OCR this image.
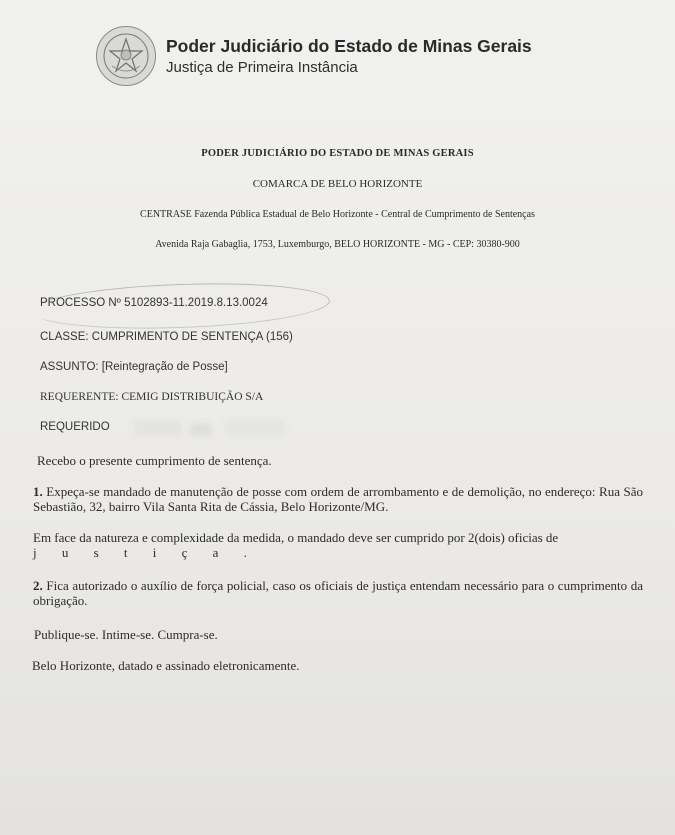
Poder Judiciário do Estado de Minas Gerais
Justiça de Primeira Instância
PODER JUDICIÁRIO DO ESTADO DE MINAS GERAIS
COMARCA DE BELO HORIZONTE
CENTRASE Fazenda Pública Estadual de Belo Horizonte - Central de Cumprimento de Sentenças
Avenida Raja Gabaglia, 1753, Luxemburgo, BELO HORIZONTE - MG - CEP: 30380-900
PROCESSO Nº 5102893-11.2019.8.13.0024
CLASSE: CUMPRIMENTO DE SENTENÇA (156)
ASSUNTO: [Reintegração de Posse]
REQUERENTE: CEMIG DISTRIBUIÇÃO S/A
REQUERIDO
Recebo o presente cumprimento de sentença.
1. Expeça-se mandado de manutenção de posse com ordem de arrombamento e de demolição, no endereço: Rua São Sebastião, 32, bairro Vila Santa Rita de Cássia, Belo Horizonte/MG.
Em face da natureza e complexidade da medida, o mandado deve ser cumprido por 2(dois) oficias de
j u s t i ç a .
2. Fica autorizado o auxílio de força policial, caso os oficiais de justiça entendam necessário para o cumprimento da obrigação.
Publique-se. Intime-se. Cumpra-se.
Belo Horizonte, datado e assinado eletronicamente.
